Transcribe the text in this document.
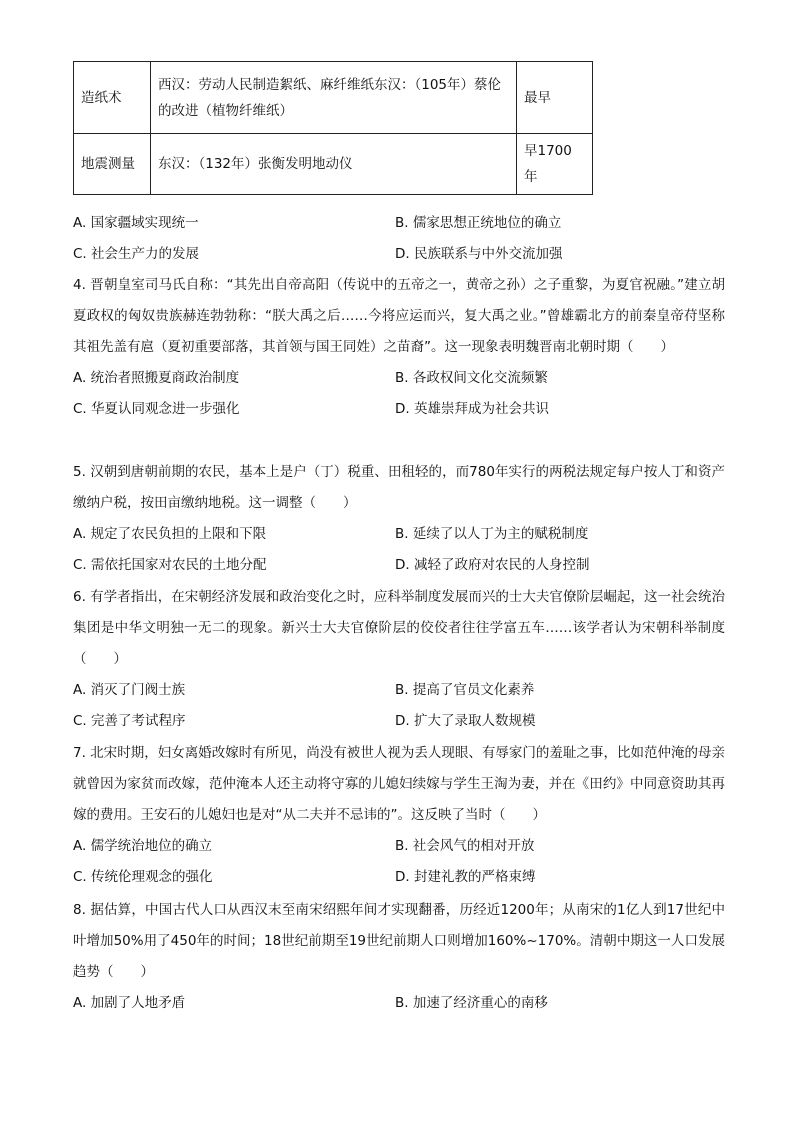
造纸术	西汉：劳动人民制造絮纸、麻纤维纸东汉：（105年）蔡伦的改进（植物纤维纸）	最早
地震测量	东汉：（132年）张衡发明地动仪	早1700年
A. 国家疆域实现统一	B. 儒家思想正统地位的确立
C. 社会生产力的发展	D. 民族联系与中外交流加强
4. 晋朝皇室司马氏自称：“其先出自帝高阳（传说中的五帝之一，黄帝之孙）之子重黎，为夏官祝融。”建立胡夏政权的匈奴贵族赫连勃勃称：“朕大禹之后……今将应运而兴，复大禹之业。”曾雄霸北方的前秦皇帝苻坚称其祖先盖有扈（夏初重要部落，其首领与国王同姓）之苗裔”。这一现象表明魏晋南北朝时期（　　）
A. 统治者照搬夏商政治制度	B. 各政权间文化交流频繁
C. 华夏认同观念进一步强化	D. 英雄崇拜成为社会共识
5. 汉朝到唐朝前期的农民，基本上是户（丁）税重、田租轻的，而780年实行的两税法规定每户按人丁和资产缴纳户税，按田亩缴纳地税。这一调整（　　）
A. 规定了农民负担的上限和下限	B. 延续了以人丁为主的赋税制度
C. 需依托国家对农民的土地分配	D. 减轻了政府对农民的人身控制
6. 有学者指出，在宋朝经济发展和政治变化之时，应科举制度发展而兴的士大夫官僚阶层崛起，这一社会统治集团是中华文明独一无二的现象。新兴士大夫官僚阶层的佼佼者往往学富五车……该学者认为宋朝科举制度（　　）
A. 消灭了门阀士族	B. 提高了官员文化素养
C. 完善了考试程序	D. 扩大了录取人数规模
7. 北宋时期，妇女离婚改嫁时有所见，尚没有被世人视为丢人现眼、有辱家门的羞耻之事，比如范仲淹的母亲就曾因为家贫而改嫁，范仲淹本人还主动将守寡的儿媳妇续嫁与学生王淘为妻，并在《田约》中同意资助其再嫁的费用。王安石的儿媳妇也是对“从二夫并不忌讳的”。这反映了当时（　　）
A. 儒学统治地位的确立	B. 社会风气的相对开放
C. 传统伦理观念的强化	D. 封建礼教的严格束缚
8. 据估算，中国古代人口从西汉末至南宋绍熙年间才实现翻番，历经近1200年；从南宋的1亿人到17世纪中叶增加50%用了450年的时间；18世纪前期至19世纪前期人口则增加160%~170%。清朝中期这一人口发展趋势（　　）
A. 加剧了人地矛盾	B. 加速了经济重心的南移
